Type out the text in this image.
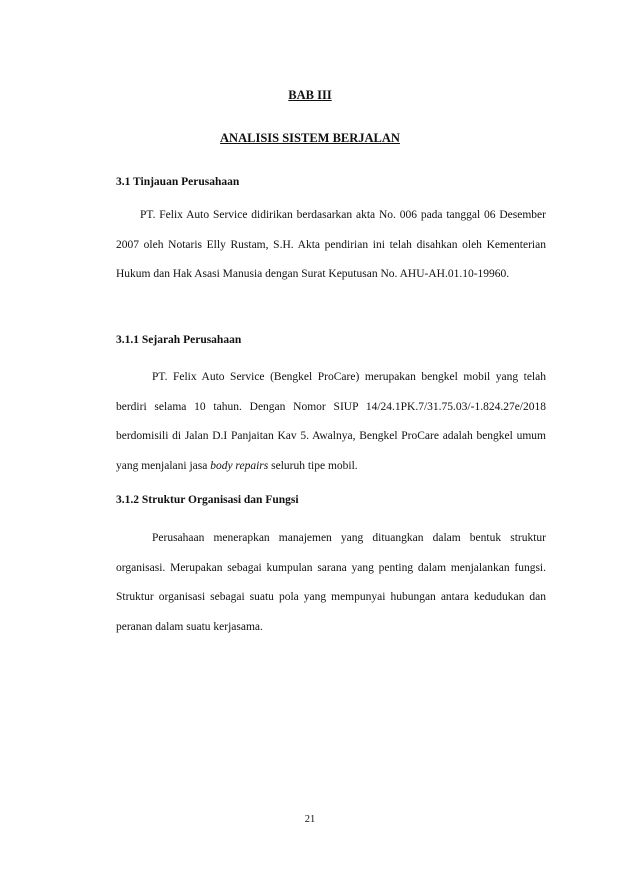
BAB III
ANALISIS SISTEM BERJALAN
3.1 Tinjauan Perusahaan

PT. Felix Auto Service didirikan berdasarkan akta No. 006 pada tanggal 06 Desember 2007 oleh Notaris Elly Rustam, S.H. Akta pendirian ini telah disahkan oleh Kementerian Hukum dan Hak Asasi Manusia dengan Surat Keputusan No. AHU-AH.01.10-19960.

3.1.1 Sejarah Perusahaan

PT. Felix Auto Service (Bengkel ProCare) merupakan bengkel mobil yang telah berdiri selama 10 tahun. Dengan Nomor SIUP 14/24.1PK.7/31.75.03/-1.824.27e/2018 berdomisili di Jalan D.I Panjaitan Kav 5. Awalnya, Bengkel ProCare adalah bengkel umum yang menjalani jasa body repairs seluruh tipe mobil.

3.1.2 Struktur Organisasi dan Fungsi

Perusahaan menerapkan manajemen yang dituangkan dalam bentuk struktur organisasi. Merupakan sebagai kumpulan sarana yang penting dalam menjalankan fungsi. Struktur organisasi sebagai suatu pola yang mempunyai hubungan antara kedudukan dan peranan dalam suatu kerjasama.

21
